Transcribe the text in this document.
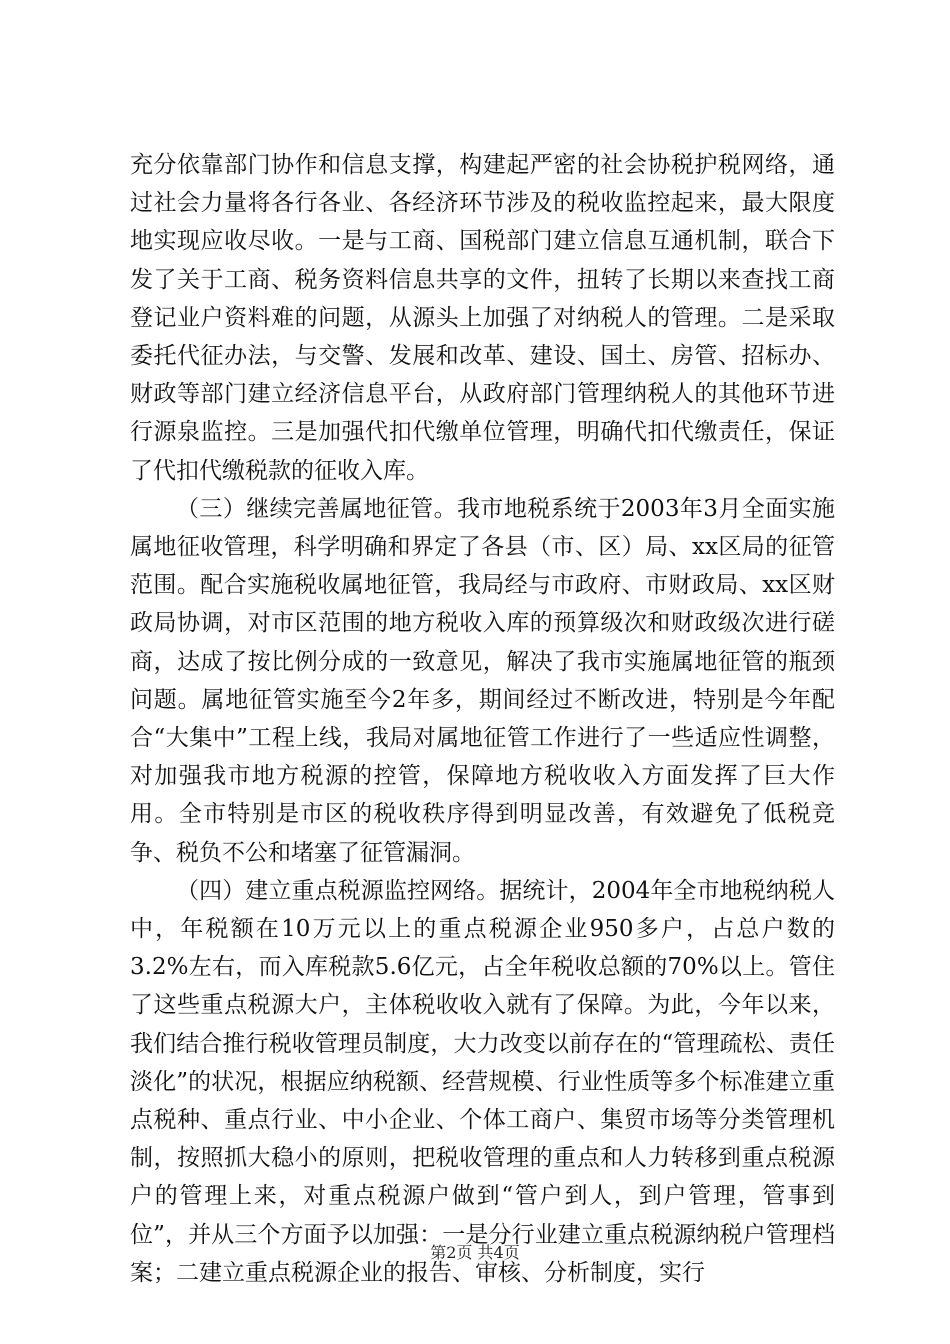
充分依靠部门协作和信息支撑，构建起严密的社会协税护税网络，通过社会力量将各行各业、各经济环节涉及的税收监控起来，最大限度地实现应收尽收。一是与工商、国税部门建立信息互通机制，联合下发了关于工商、税务资料信息共享的文件，扭转了长期以来查找工商登记业户资料难的问题，从源头上加强了对纳税人的管理。二是采取委托代征办法，与交警、发展和改革、建设、国土、房管、招标办、财政等部门建立经济信息平台，从政府部门管理纳税人的其他环节进行源泉监控。三是加强代扣代缴单位管理，明确代扣代缴责任，保证了代扣代缴税款的征收入库。

（三）继续完善属地征管。我市地税系统于2003年3月全面实施属地征收管理，科学明确和界定了各县（市、区）局、xx区局的征管范围。配合实施税收属地征管，我局经与市政府、市财政局、xx区财政局协调，对市区范围的地方税收入库的预算级次和财政级次进行磋商，达成了按比例分成的一致意见，解决了我市实施属地征管的瓶颈问题。属地征管实施至今2年多，期间经过不断改进，特别是今年配合“大集中”工程上线，我局对属地征管工作进行了一些适应性调整，对加强我市地方税源的控管，保障地方税收收入方面发挥了巨大作用。全市特别是市区的税收秩序得到明显改善，有效避免了低税竞争、税负不公和堵塞了征管漏洞。

（四）建立重点税源监控网络。据统计，2004年全市地税纳税人中，年税额在10万元以上的重点税源企业950多户，占总户数的3.2%左右，而入库税款5.6亿元，占全年税收总额的70%以上。管住了这些重点税源大户，主体税收收入就有了保障。为此，今年以来，我们结合推行税收管理员制度，大力改变以前存在的“管理疏松、责任淡化”的状况，根据应纳税额、经营规模、行业性质等多个标准建立重点税种、重点行业、中小企业、个体工商户、集贸市场等分类管理机制，按照抓大稳小的原则，把税收管理的重点和人力转移到重点税源户的管理上来，对重点税源户做到“管户到人，到户管理，管事到位”，并从三个方面予以加强：一是分行业建立重点税源纳税户管理档案；二建立重点税源企业的报告、审核、分析制度，实行

第2页 共4页
